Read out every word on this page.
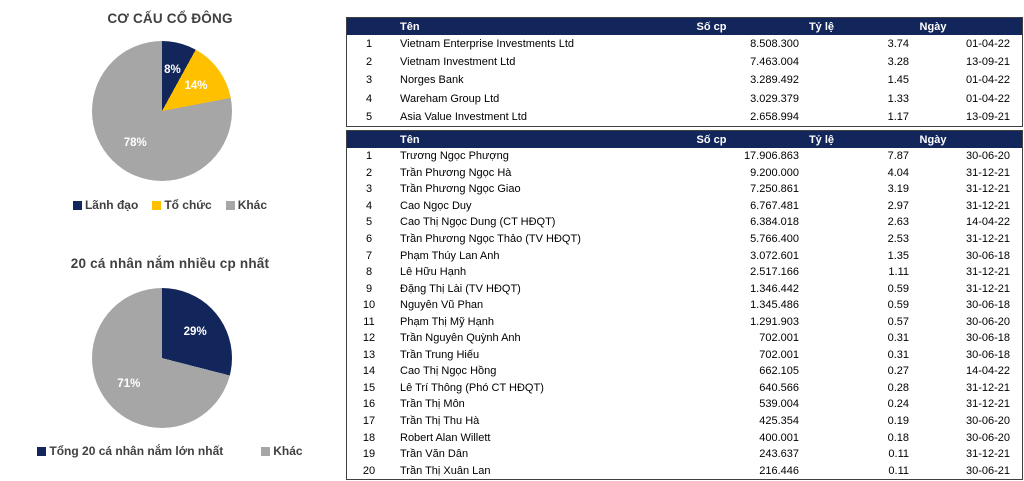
CƠ CẤU CỔ ĐÔNG
8%
14%
78%
Lãnh đạo Tổ chức Khác
20 cá nhân nắm nhiều cp nhất
29%
71%
Tổng 20 cá nhân nắm lớn nhất	Khác
Tên	Số cp	Tỷ lệ	Ngày
1	Vietnam Enterprise Investments Ltd	8.508.300	3.74	01-04-22
2	Vietnam Investment Ltd	7.463.004	3.28	13-09-21
3	Norges Bank	3.289.492	1.45	01-04-22
4	Wareham Group Ltd	3.029.379	1.33	01-04-22
5	Asia Value Investment Ltd	2.658.994	1.17	13-09-21
Tên	Số cp	Tỷ lệ	Ngày
1	Trương Ngọc Phượng	17.906.863	7.87	30-06-20
2	Trần Phương Ngọc Hà	9.200.000	4.04	31-12-21
3	Trần Phương Ngọc Giao	7.250.861	3.19	31-12-21
4	Cao Ngọc Duy	6.767.481	2.97	31-12-21
5	Cao Thị Ngọc Dung (CT HĐQT)	6.384.018	2.63	14-04-22
6	Trần Phương Ngọc Thảo (TV HĐQT)	5.766.400	2.53	31-12-21
7	Phạm Thúy Lan Anh	3.072.601	1.35	30-06-18
8	Lê Hữu Hạnh	2.517.166	1.11	31-12-21
9	Đặng Thị Lài (TV HĐQT)	1.346.442	0.59	31-12-21
10	Nguyễn Vũ Phan	1.345.486	0.59	30-06-18
11	Phạm Thị Mỹ Hạnh	1.291.903	0.57	30-06-20
12	Trần Nguyễn Quỳnh Anh	702.001	0.31	30-06-18
13	Trần Trung Hiếu	702.001	0.31	30-06-18
14	Cao Thị Ngọc Hồng	662.105	0.27	14-04-22
15	Lê Trí Thông (Phó CT HĐQT)	640.566	0.28	31-12-21
16	Trần Thị Môn	539.004	0.24	31-12-21
17	Trần Thị Thu Hà	425.354	0.19	30-06-20
18	Robert Alan Willett	400.001	0.18	30-06-20
19	Trần Văn Dân	243.637	0.11	31-12-21
20	Trần Thị Xuân Lan	216.446	0.11	30-06-21
